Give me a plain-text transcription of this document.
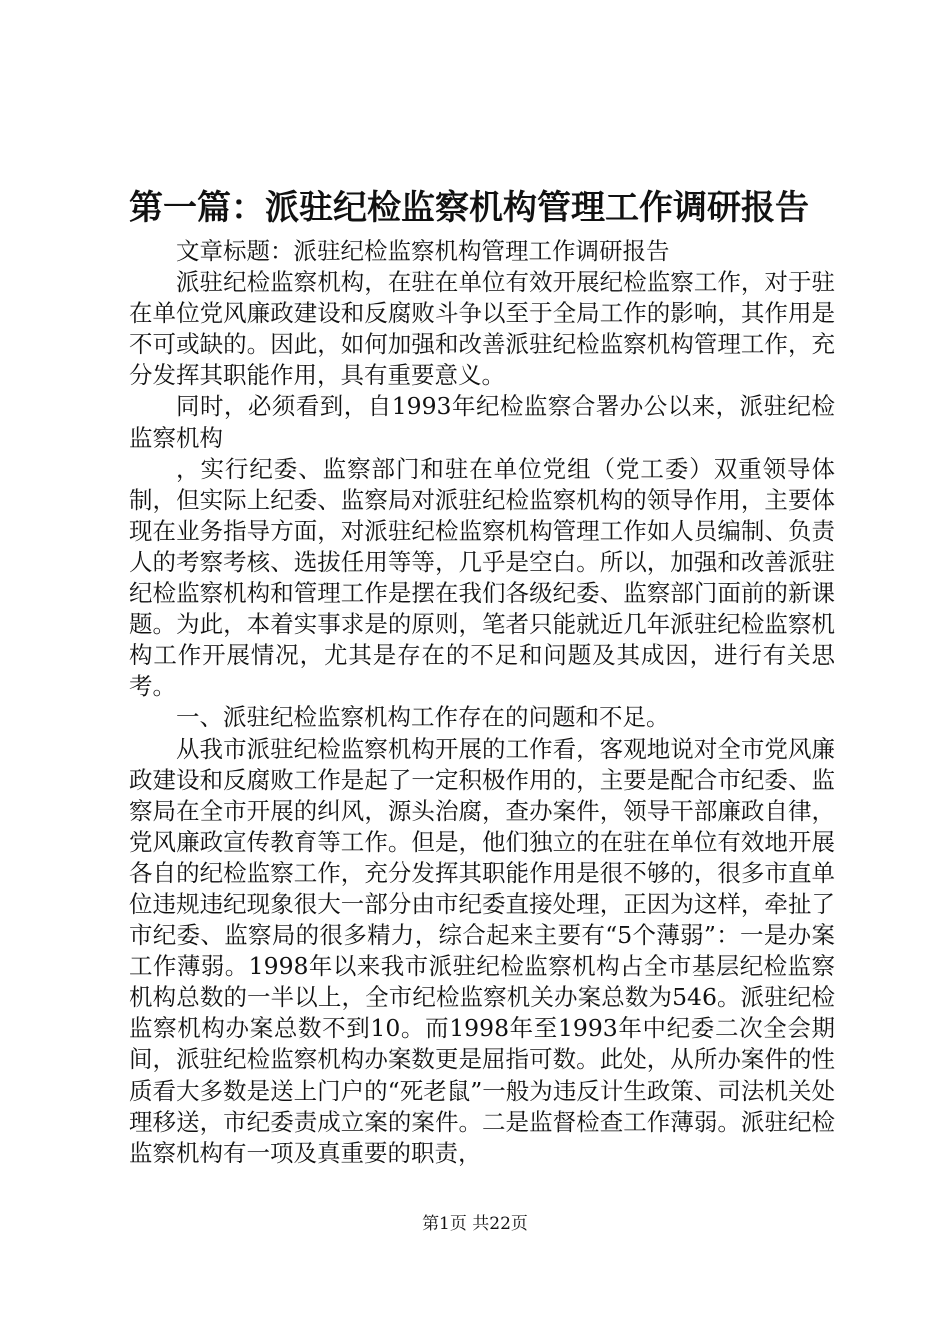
第一篇：派驻纪检监察机构管理工作调研报告

文章标题：派驻纪检监察机构管理工作调研报告

派驻纪检监察机构，在驻在单位有效开展纪检监察工作，对于驻在单位党风廉政建设和反腐败斗争以至于全局工作的影响，其作用是不可或缺的。因此，如何加强和改善派驻纪检监察机构管理工作，充分发挥其职能作用，具有重要意义。

同时，必须看到，自1993年纪检监察合署办公以来，派驻纪检监察机构

，实行纪委、监察部门和驻在单位党组（党工委）双重领导体制，但实际上纪委、监察局对派驻纪检监察机构的领导作用，主要体现在业务指导方面，对派驻纪检监察机构管理工作如人员编制、负责人的考察考核、选拔任用等等，几乎是空白。所以，加强和改善派驻纪检监察机构和管理工作是摆在我们各级纪委、监察部门面前的新课题。为此，本着实事求是的原则，笔者只能就近几年派驻纪检监察机构工作开展情况，尤其是存在的不足和问题及其成因，进行有关思考。

一、派驻纪检监察机构工作存在的问题和不足。

从我市派驻纪检监察机构开展的工作看，客观地说对全市党风廉政建设和反腐败工作是起了一定积极作用的，主要是配合市纪委、监察局在全市开展的纠风，源头治腐，查办案件，领导干部廉政自律，党风廉政宣传教育等工作。但是，他们独立的在驻在单位有效地开展各自的纪检监察工作，充分发挥其职能作用是很不够的，很多市直单位违规违纪现象很大一部分由市纪委直接处理，正因为这样，牵扯了市纪委、监察局的很多精力，综合起来主要有“5个薄弱”：一是办案工作薄弱。1998年以来我市派驻纪检监察机构占全市基层纪检监察机构总数的一半以上，全市纪检监察机关办案总数为546。派驻纪检监察机构办案总数不到10。而1998年至1993年中纪委二次全会期间，派驻纪检监察机构办案数更是屈指可数。此处，从所办案件的性质看大多数是送上门户的“死老鼠”一般为违反计生政策、司法机关处理移送，市纪委责成立案的案件。二是监督检查工作薄弱。派驻纪检监察机构有一项及真重要的职责，

第1页 共22页
